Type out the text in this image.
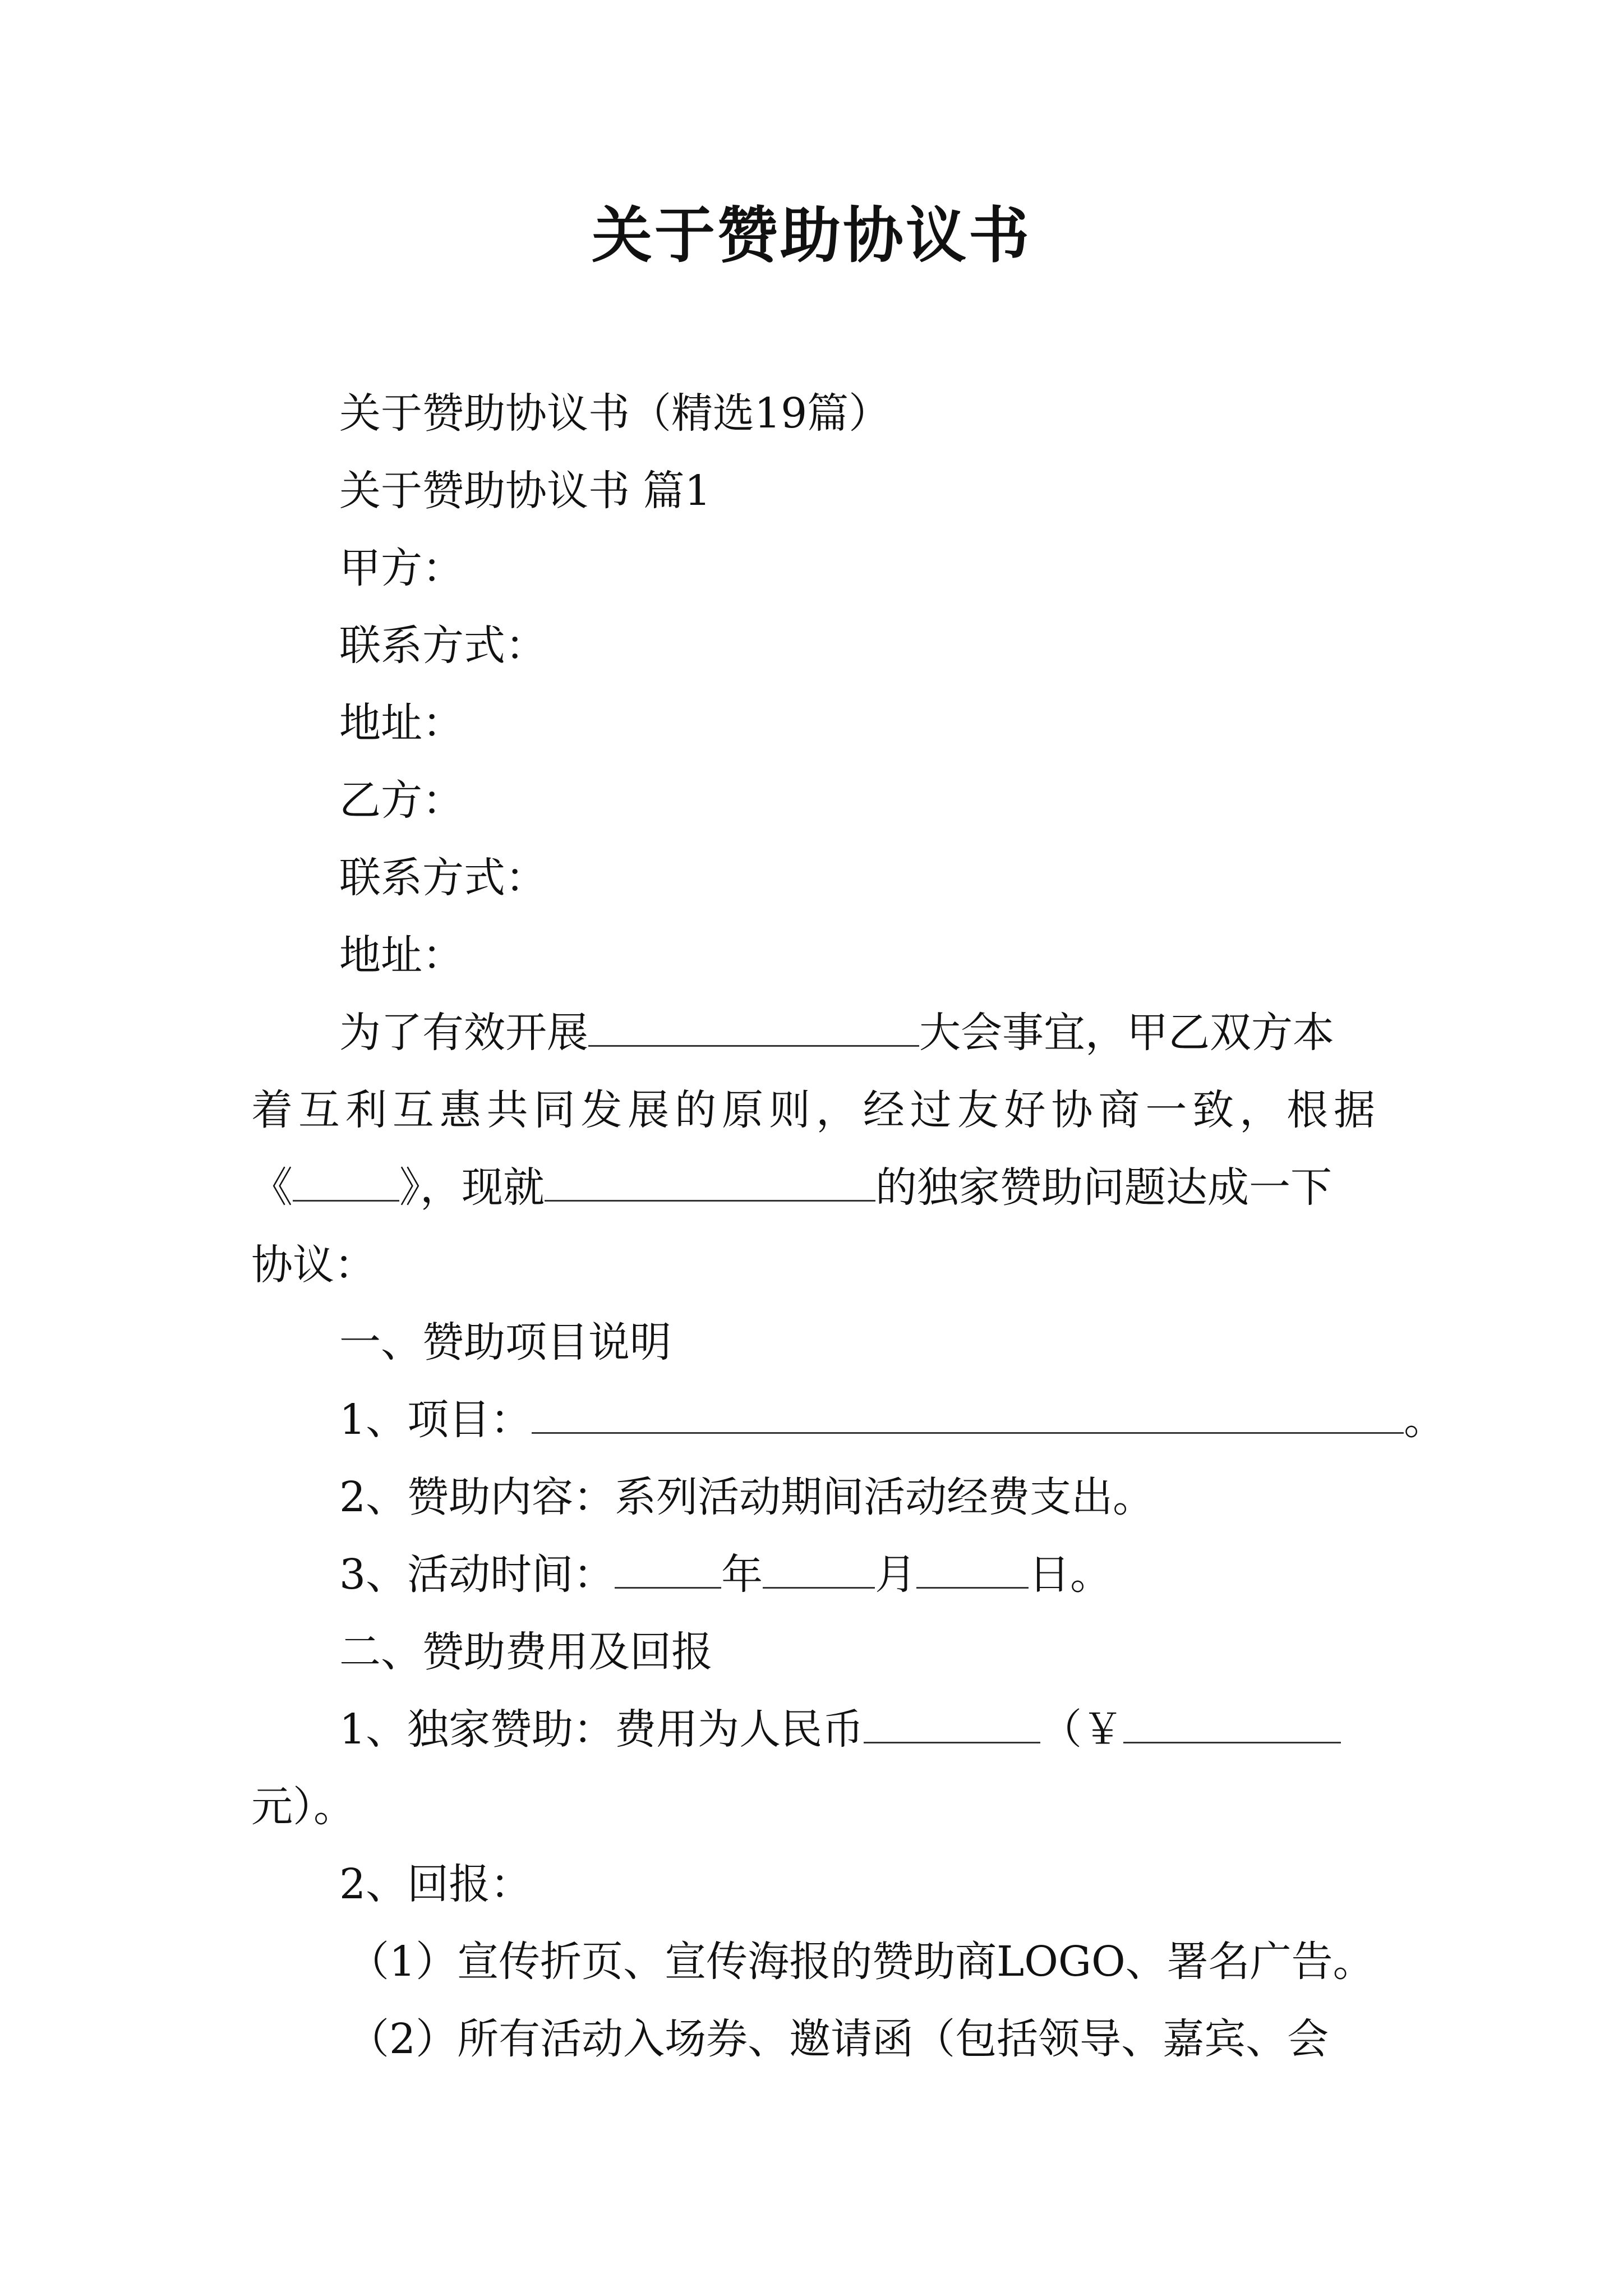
关于赞助协议书
关于赞助协议书（精选19篇）
关于赞助协议书 篇1
甲方：
联系方式：
地址：
乙方：
联系方式：
地址：
为了有效开展	大会事宜，甲乙双方本
着互利互惠共同发展的原则，经过友好协商一致，根据
《	》，现就	的独家赞助问题达成一下
协议：
一、赞助项目说明
1、项目：	。
2、赞助内容：系列活动期间活动经费支出。
3、活动时间：	年	月	日。
二、赞助费用及回报
1、独家赞助：费用为人民币	（￥
元）。
2、回报：
（1）宣传折页、宣传海报的赞助商LOGO、署名广告。
（2）所有活动入场券、邀请函（包括领导、嘉宾、会
